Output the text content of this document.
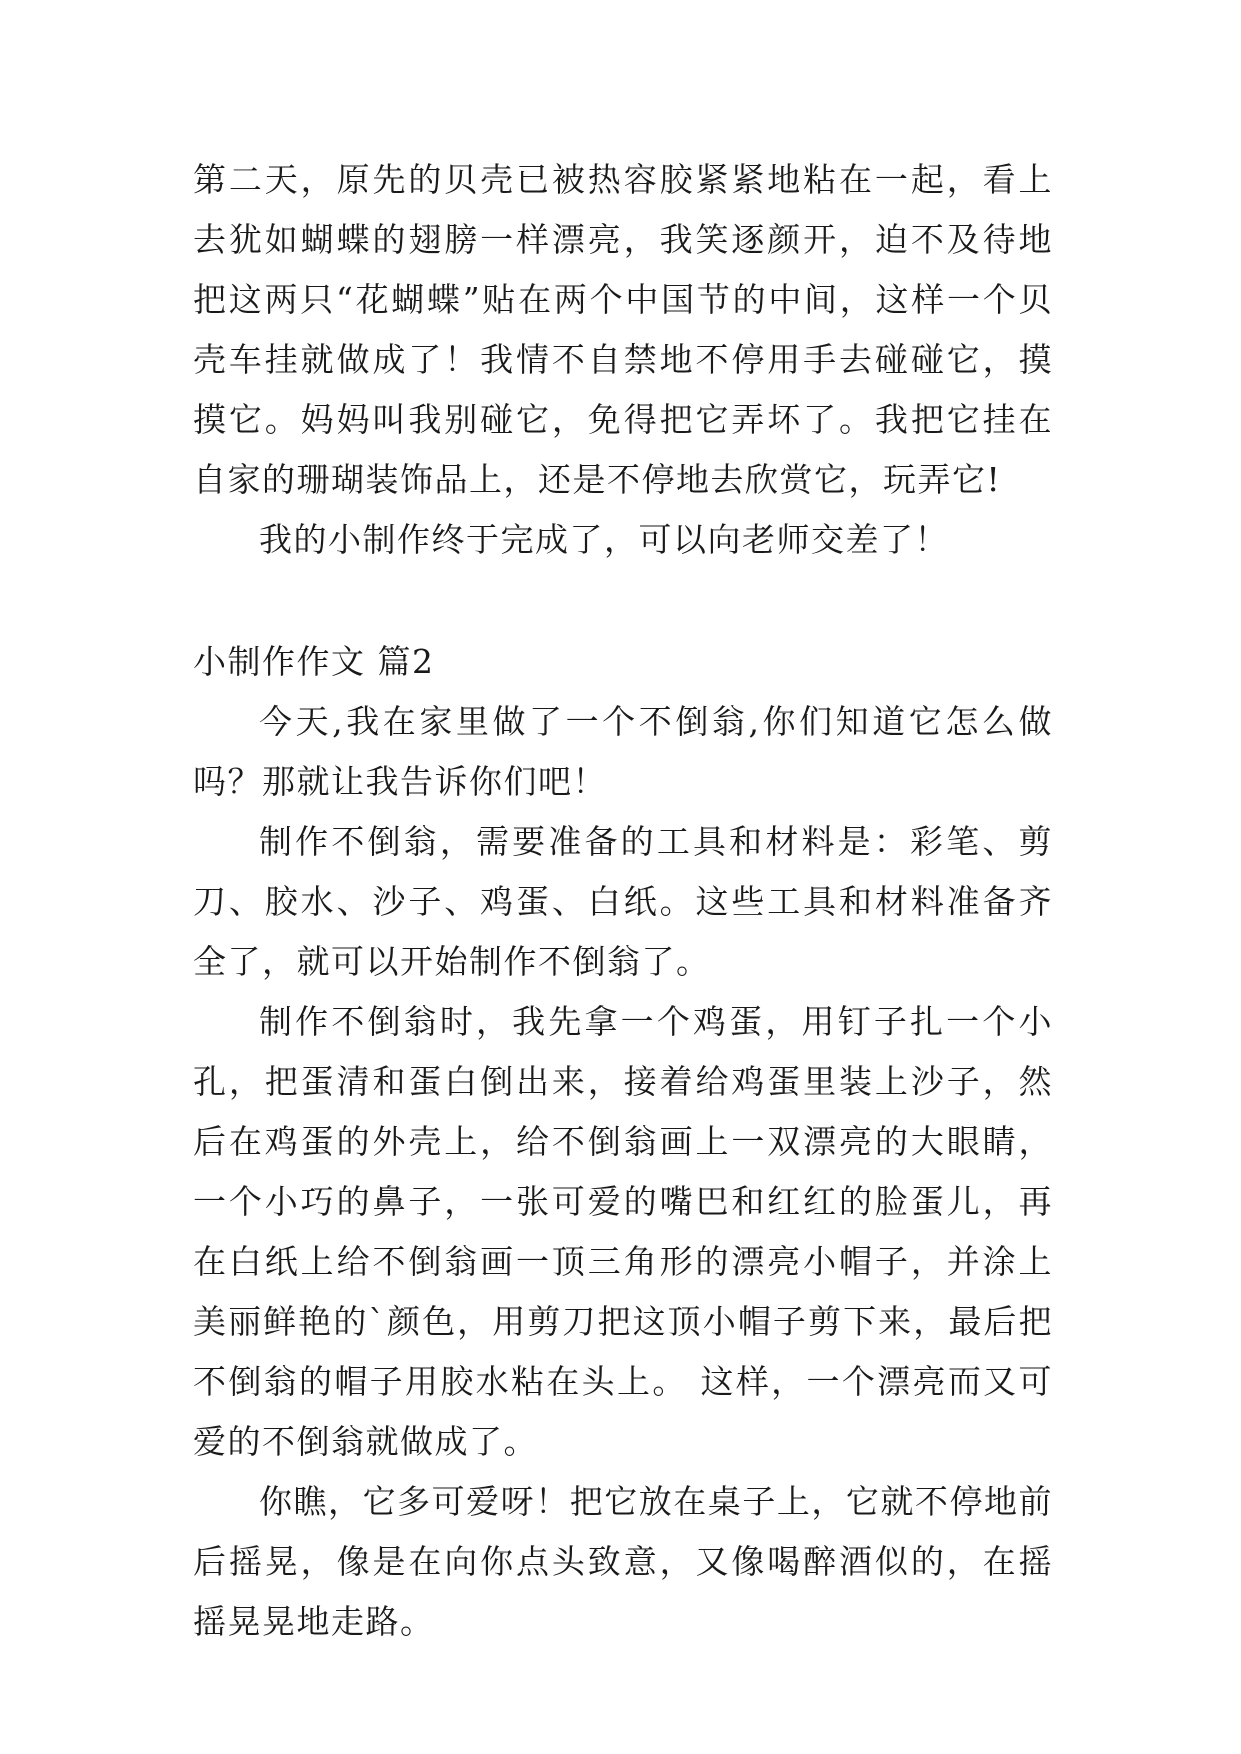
第二天，原先的贝壳已被热容胶紧紧地粘在一起，看上去犹如蝴蝶的翅膀一样漂亮，我笑逐颜开，迫不及待地把这两只“花蝴蝶”贴在两个中国节的中间，这样一个贝壳车挂就做成了！我情不自禁地不停用手去碰碰它，摸摸它。妈妈叫我别碰它，免得把它弄坏了。我把它挂在自家的珊瑚装饰品上，还是不停地去欣赏它，玩弄它!

我的小制作终于完成了，可以向老师交差了！

小制作作文 篇2

今天,我在家里做了一个不倒翁,你们知道它怎么做吗？那就让我告诉你们吧！

制作不倒翁，需要准备的工具和材料是：彩笔、剪刀、胶水、沙子、鸡蛋、白纸。这些工具和材料准备齐全了，就可以开始制作不倒翁了。

制作不倒翁时，我先拿一个鸡蛋，用钉子扎一个小孔，把蛋清和蛋白倒出来，接着给鸡蛋里装上沙子，然后在鸡蛋的外壳上，给不倒翁画上一双漂亮的大眼睛，一个小巧的鼻子，一张可爱的嘴巴和红红的脸蛋儿，再在白纸上给不倒翁画一顶三角形的漂亮小帽子，并涂上美丽鲜艳的`颜色，用剪刀把这顶小帽子剪下来，最后把不倒翁的帽子用胶水粘在头上。 这样，一个漂亮而又可爱的不倒翁就做成了。

你瞧，它多可爱呀！把它放在桌子上，它就不停地前后摇晃，像是在向你点头致意，又像喝醉酒似的，在摇摇晃晃地走路。
